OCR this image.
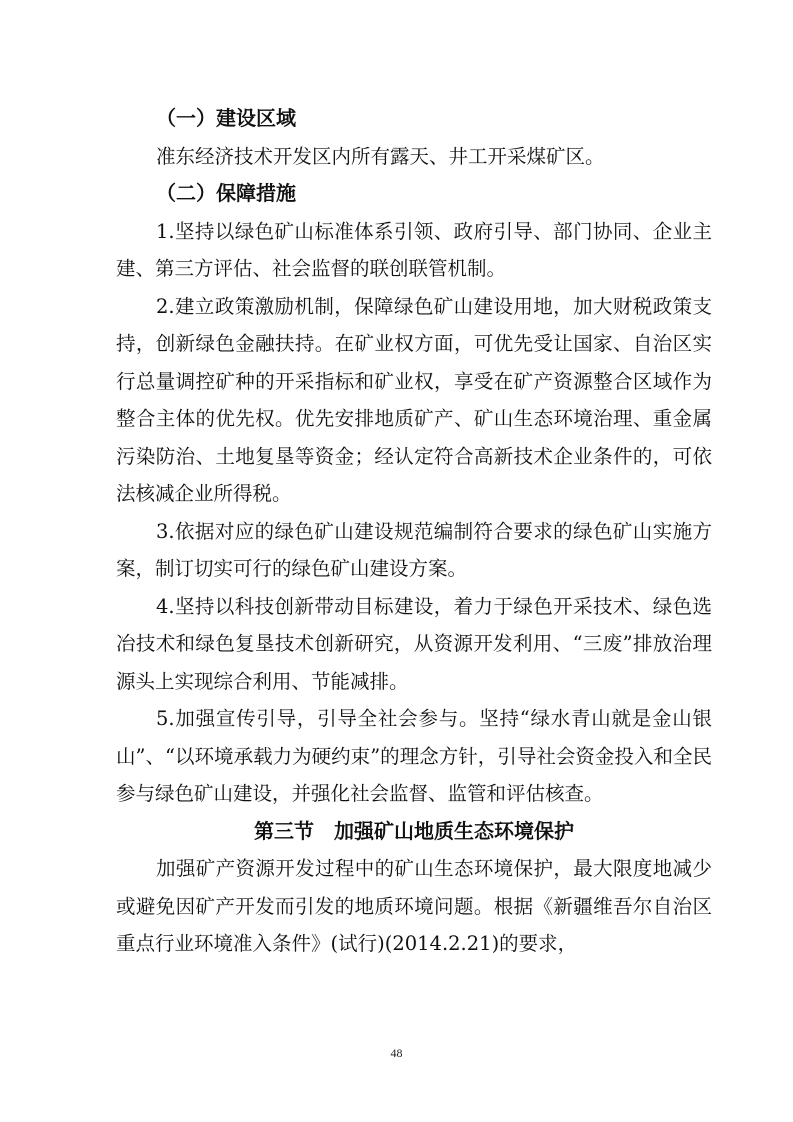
（一）建设区域

准东经济技术开发区内所有露天、井工开采煤矿区。

（二）保障措施

1.坚持以绿色矿山标准体系引领、政府引导、部门协同、企业主建、第三方评估、社会监督的联创联管机制。

2.建立政策激励机制，保障绿色矿山建设用地，加大财税政策支持，创新绿色金融扶持。在矿业权方面，可优先受让国家、自治区实行总量调控矿种的开采指标和矿业权，享受在矿产资源整合区域作为整合主体的优先权。优先安排地质矿产、矿山生态环境治理、重金属污染防治、土地复垦等资金；经认定符合高新技术企业条件的，可依法核减企业所得税。

3.依据对应的绿色矿山建设规范编制符合要求的绿色矿山实施方案，制订切实可行的绿色矿山建设方案。

4.坚持以科技创新带动目标建设，着力于绿色开采技术、绿色选冶技术和绿色复垦技术创新研究，从资源开发利用、“三废”排放治理源头上实现综合利用、节能减排。

5.加强宣传引导，引导全社会参与。坚持“绿水青山就是金山银山”、“以环境承载力为硬约束”的理念方针，引导社会资金投入和全民参与绿色矿山建设，并强化社会监督、监管和评估核查。

第三节　加强矿山地质生态环境保护

加强矿产资源开发过程中的矿山生态环境保护，最大限度地减少或避免因矿产开发而引发的地质环境问题。根据《新疆维吾尔自治区重点行业环境准入条件》(试行)(2014.2.21)的要求，

48
